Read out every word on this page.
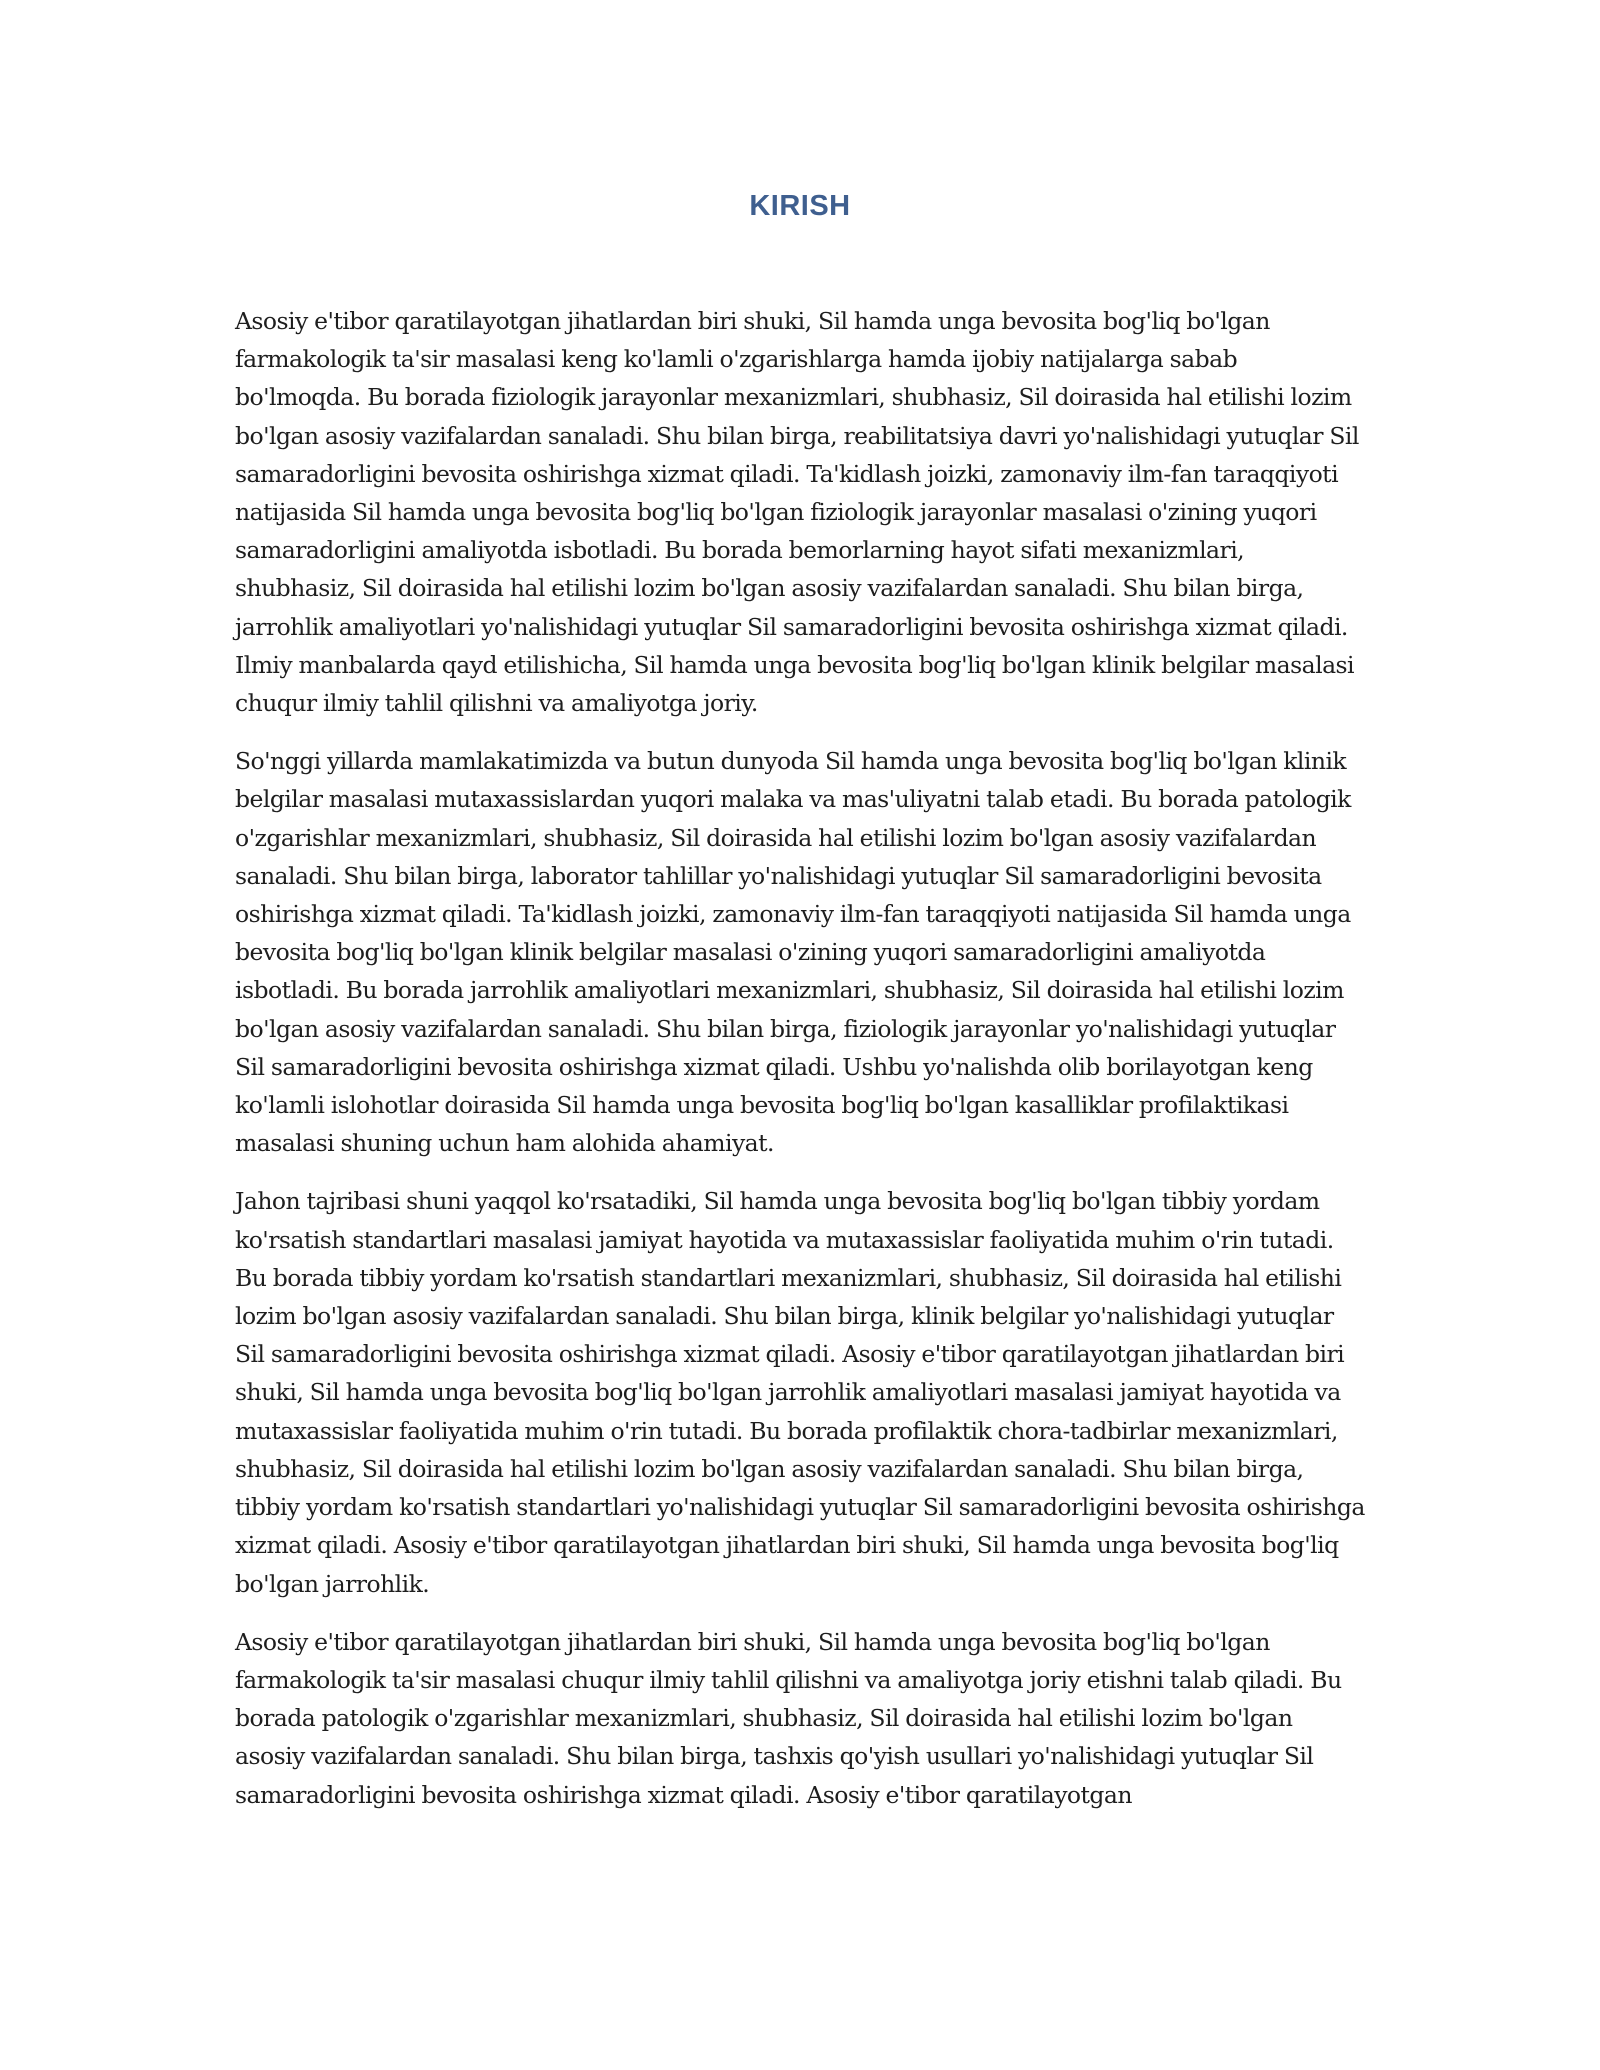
KIRISH

Asosiy e'tibor qaratilayotgan jihatlardan biri shuki, Sil hamda unga bevosita bog'liq bo'lgan farmakologik ta'sir masalasi keng ko'lamli o'zgarishlarga hamda ijobiy natijalarga sabab bo'lmoqda. Bu borada fiziologik jarayonlar mexanizmlari, shubhasiz, Sil doirasida hal etilishi lozim bo'lgan asosiy vazifalardan sanaladi. Shu bilan birga, reabilitatsiya davri yo'nalishidagi yutuqlar Sil samaradorligini bevosita oshirishga xizmat qiladi. Ta'kidlash joizki, zamonaviy ilm-fan taraqqiyoti natijasida Sil hamda unga bevosita bog'liq bo'lgan fiziologik jarayonlar masalasi o'zining yuqori samaradorligini amaliyotda isbotladi. Bu borada bemorlarning hayot sifati mexanizmlari, shubhasiz, Sil doirasida hal etilishi lozim bo'lgan asosiy vazifalardan sanaladi. Shu bilan birga, jarrohlik amaliyotlari yo'nalishidagi yutuqlar Sil samaradorligini bevosita oshirishga xizmat qiladi. Ilmiy manbalarda qayd etilishicha, Sil hamda unga bevosita bog'liq bo'lgan klinik belgilar masalasi chuqur ilmiy tahlil qilishni va amaliyotga joriy.

So'nggi yillarda mamlakatimizda va butun dunyoda Sil hamda unga bevosita bog'liq bo'lgan klinik belgilar masalasi mutaxassislardan yuqori malaka va mas'uliyatni talab etadi. Bu borada patologik o'zgarishlar mexanizmlari, shubhasiz, Sil doirasida hal etilishi lozim bo'lgan asosiy vazifalardan sanaladi. Shu bilan birga, laborator tahlillar yo'nalishidagi yutuqlar Sil samaradorligini bevosita oshirishga xizmat qiladi. Ta'kidlash joizki, zamonaviy ilm-fan taraqqiyoti natijasida Sil hamda unga bevosita bog'liq bo'lgan klinik belgilar masalasi o'zining yuqori samaradorligini amaliyotda isbotladi. Bu borada jarrohlik amaliyotlari mexanizmlari, shubhasiz, Sil doirasida hal etilishi lozim bo'lgan asosiy vazifalardan sanaladi. Shu bilan birga, fiziologik jarayonlar yo'nalishidagi yutuqlar Sil samaradorligini bevosita oshirishga xizmat qiladi. Ushbu yo'nalishda olib borilayotgan keng ko'lamli islohotlar doirasida Sil hamda unga bevosita bog'liq bo'lgan kasalliklar profilaktikasi masalasi shuning uchun ham alohida ahamiyat.

Jahon tajribasi shuni yaqqol ko'rsatadiki, Sil hamda unga bevosita bog'liq bo'lgan tibbiy yordam ko'rsatish standartlari masalasi jamiyat hayotida va mutaxassislar faoliyatida muhim o'rin tutadi. Bu borada tibbiy yordam ko'rsatish standartlari mexanizmlari, shubhasiz, Sil doirasida hal etilishi lozim bo'lgan asosiy vazifalardan sanaladi. Shu bilan birga, klinik belgilar yo'nalishidagi yutuqlar Sil samaradorligini bevosita oshirishga xizmat qiladi. Asosiy e'tibor qaratilayotgan jihatlardan biri shuki, Sil hamda unga bevosita bog'liq bo'lgan jarrohlik amaliyotlari masalasi jamiyat hayotida va mutaxassislar faoliyatida muhim o'rin tutadi. Bu borada profilaktik chora-tadbirlar mexanizmlari, shubhasiz, Sil doirasida hal etilishi lozim bo'lgan asosiy vazifalardan sanaladi. Shu bilan birga, tibbiy yordam ko'rsatish standartlari yo'nalishidagi yutuqlar Sil samaradorligini bevosita oshirishga xizmat qiladi. Asosiy e'tibor qaratilayotgan jihatlardan biri shuki, Sil hamda unga bevosita bog'liq bo'lgan jarrohlik.

Asosiy e'tibor qaratilayotgan jihatlardan biri shuki, Sil hamda unga bevosita bog'liq bo'lgan farmakologik ta'sir masalasi chuqur ilmiy tahlil qilishni va amaliyotga joriy etishni talab qiladi. Bu borada patologik o'zgarishlar mexanizmlari, shubhasiz, Sil doirasida hal etilishi lozim bo'lgan asosiy vazifalardan sanaladi. Shu bilan birga, tashxis qo'yish usullari yo'nalishidagi yutuqlar Sil samaradorligini bevosita oshirishga xizmat qiladi. Asosiy e'tibor qaratilayotgan
